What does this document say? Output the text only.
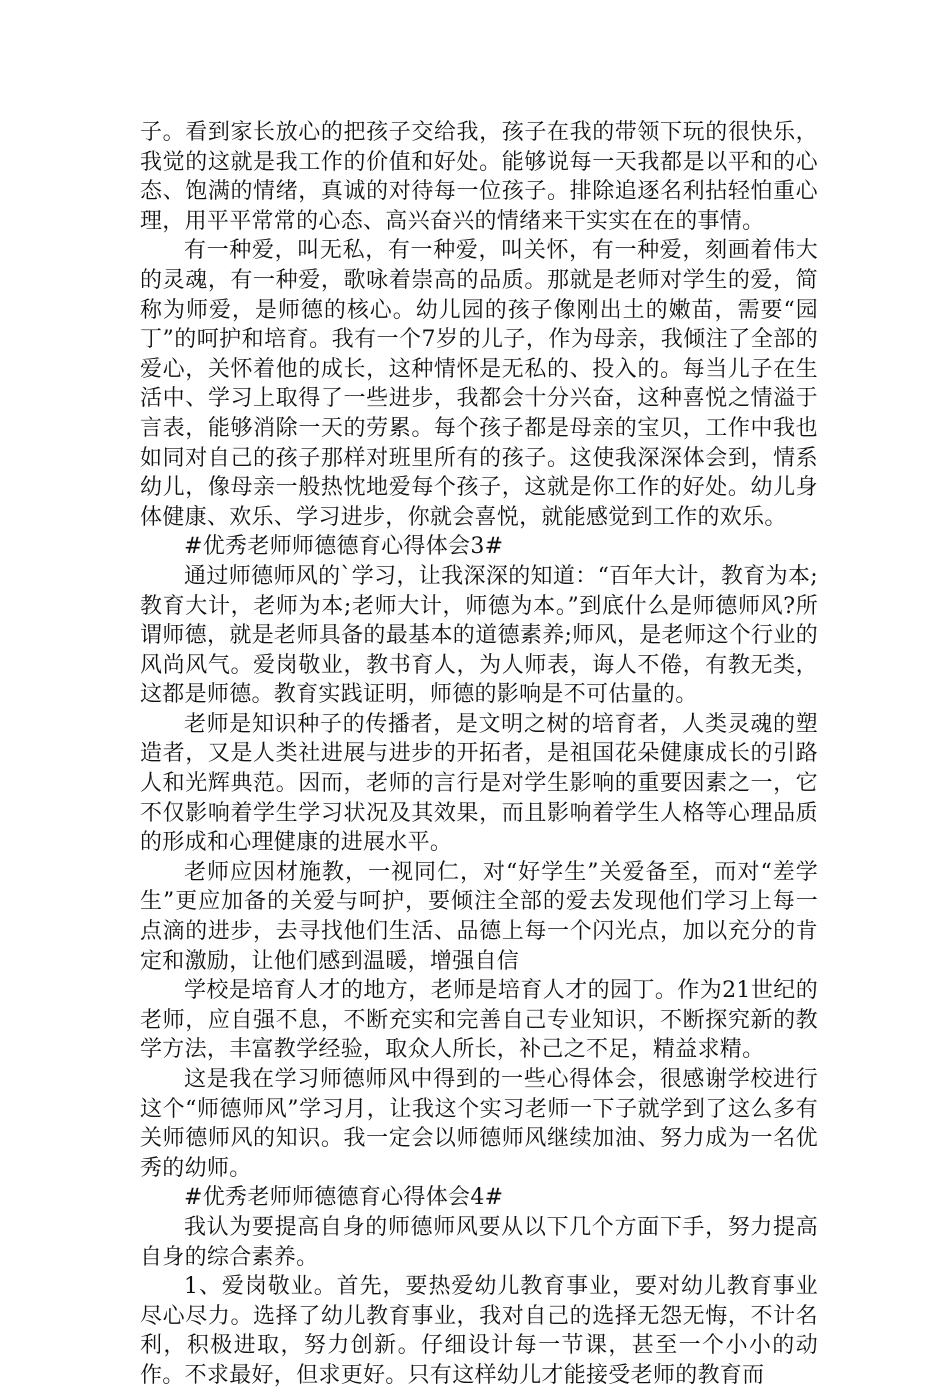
子。看到家长放心的把孩子交给我，孩子在我的带领下玩的很快乐，我觉的这就是我工作的价值和好处。能够说每一天我都是以平和的心态、饱满的情绪，真诚的对待每一位孩子。排除追逐名利拈轻怕重心理，用平平常常的心态、高兴奋兴的情绪来干实实在在的事情。

有一种爱，叫无私，有一种爱，叫关怀，有一种爱，刻画着伟大的灵魂，有一种爱，歌咏着崇高的品质。那就是老师对学生的爱，简称为师爱，是师德的核心。幼儿园的孩子像刚出土的嫩苗，需要“园丁”的呵护和培育。我有一个7岁的儿子，作为母亲，我倾注了全部的爱心，关怀着他的成长，这种情怀是无私的、投入的。每当儿子在生活中、学习上取得了一些进步，我都会十分兴奋，这种喜悦之情溢于言表，能够消除一天的劳累。每个孩子都是母亲的宝贝，工作中我也如同对自己的孩子那样对班里所有的孩子。这使我深深体会到，情系幼儿，像母亲一般热忱地爱每个孩子，这就是你工作的好处。幼儿身体健康、欢乐、学习进步，你就会喜悦，就能感觉到工作的欢乐。

#优秀老师师德德育心得体会3#

通过师德师风的`学习，让我深深的知道：“百年大计，教育为本;教育大计，老师为本;老师大计，师德为本。”到底什么是师德师风?所谓师德，就是老师具备的最基本的道德素养;师风，是老师这个行业的风尚风气。爱岗敬业，教书育人，为人师表，诲人不倦，有教无类，这都是师德。教育实践证明，师德的影响是不可估量的。

老师是知识种子的传播者，是文明之树的培育者，人类灵魂的塑造者，又是人类社进展与进步的开拓者，是祖国花朵健康成长的引路人和光辉典范。因而，老师的言行是对学生影响的重要因素之一，它不仅影响着学生学习状况及其效果，而且影响着学生人格等心理品质的形成和心理健康的进展水平。

老师应因材施教，一视同仁，对“好学生”关爱备至，而对“差学生”更应加备的关爱与呵护，要倾注全部的爱去发现他们学习上每一点滴的进步，去寻找他们生活、品德上每一个闪光点，加以充分的肯定和激励，让他们感到温暖，增强自信

学校是培育人才的地方，老师是培育人才的园丁。作为21世纪的老师，应自强不息，不断充实和完善自己专业知识，不断探究新的教学方法，丰富教学经验，取众人所长，补己之不足，精益求精。

这是我在学习师德师风中得到的一些心得体会，很感谢学校进行这个“师德师风”学习月，让我这个实习老师一下子就学到了这么多有关师德师风的知识。我一定会以师德师风继续加油、努力成为一名优秀的幼师。

#优秀老师师德德育心得体会4#

我认为要提高自身的师德师风要从以下几个方面下手，努力提高自身的综合素养。

1、爱岗敬业。首先，要热爱幼儿教育事业，要对幼儿教育事业尽心尽力。选择了幼儿教育事业，我对自己的选择无怨无悔，不计名利，积极进取，努力创新。仔细设计每一节课，甚至一个小小的动作。不求最好，但求更好。只有这样幼儿才能接受老师的教育而
